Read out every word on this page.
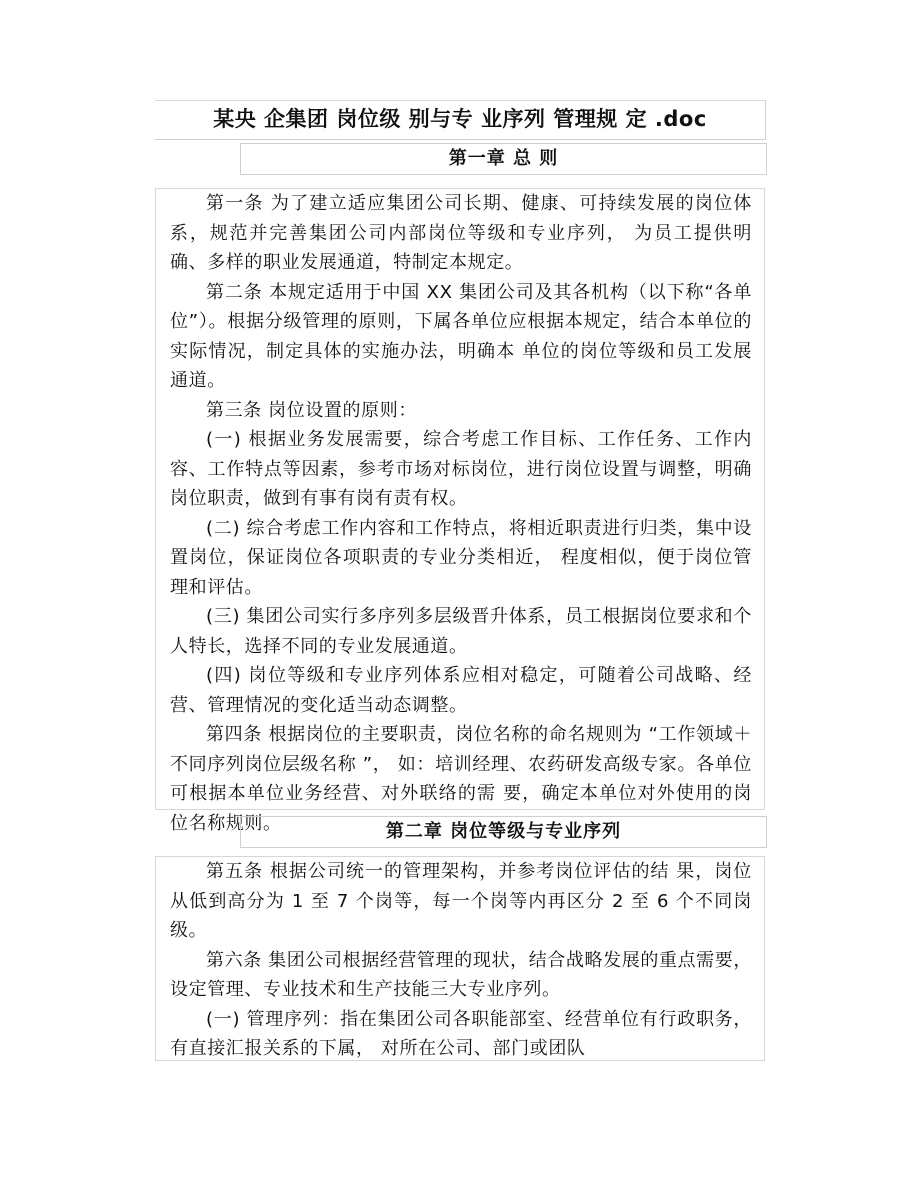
某央 企集团 岗位级 别与专 业序列 管理规 定 .doc
第一章 总 则

第一条 为了建立适应集团公司长期、健康、可持续发展的岗位体系，规范并完善集团公司内部岗位等级和专业序列， 为员工提供明确、多样的职业发展通道，特制定本规定。

第二条 本规定适用于中国 XX 集团公司及其各机构（以下称“各单位”）。根据分级管理的原则，下属各单位应根据本规定，结合本单位的实际情况，制定具体的实施办法，明确本 单位的岗位等级和员工发展通道。

第三条 岗位设置的原则：

(一) 根据业务发展需要，综合考虑工作目标、工作任务、工作内容、工作特点等因素，参考市场对标岗位，进行岗位设置与调整，明确岗位职责，做到有事有岗有责有权。

(二) 综合考虑工作内容和工作特点，将相近职责进行归类，集中设置岗位，保证岗位各项职责的专业分类相近， 程度相似，便于岗位管理和评估。

(三) 集团公司实行多序列多层级晋升体系，员工根据岗位要求和个人特长，选择不同的专业发展通道。

(四) 岗位等级和专业序列体系应相对稳定，可随着公司战略、经营、管理情况的变化适当动态调整。

第四条 根据岗位的主要职责，岗位名称的命名规则为 “工作领域＋不同序列岗位层级名称 ”， 如：培训经理、农药研发高级专家。各单位可根据本单位业务经营、对外联络的需 要，确定本单位对外使用的岗位名称规则。	第二章 岗位等级与专业序列

第五条 根据公司统一的管理架构，并参考岗位评估的结 果，岗位从低到高分为 1 至 7 个岗等，每一个岗等内再区分 2 至 6 个不同岗级。

第六条 集团公司根据经营管理的现状，结合战略发展的重点需要，设定管理、专业技术和生产技能三大专业序列。

(一) 管理序列：指在集团公司各职能部室、经营单位有行政职务，有直接汇报关系的下属， 对所在公司、部门或团队
